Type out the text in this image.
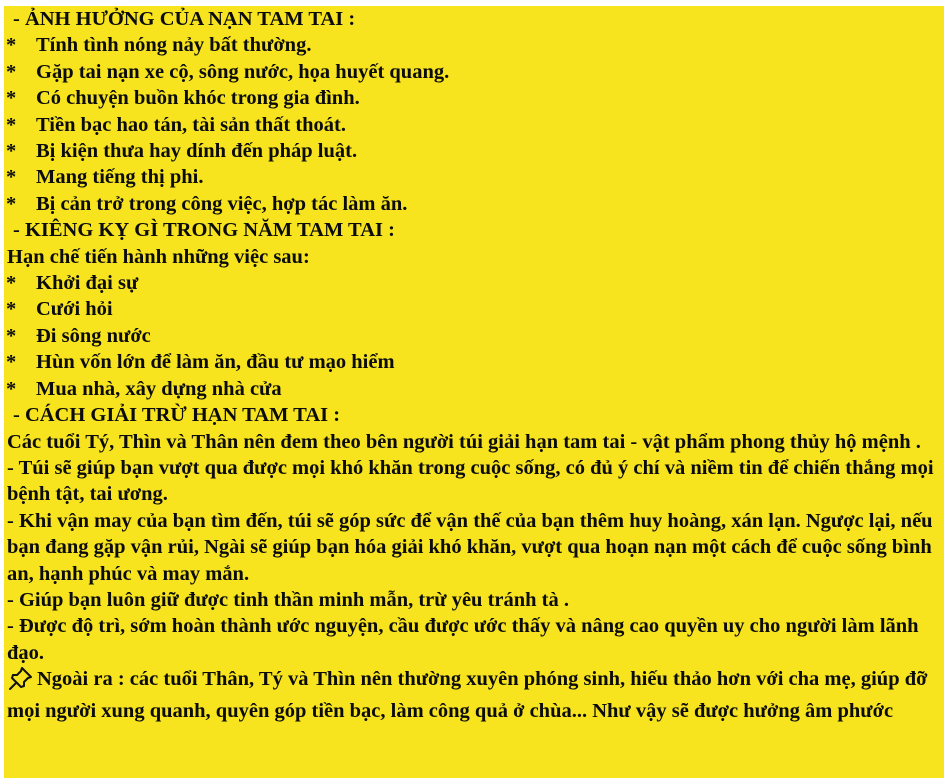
- ẢNH HƯỞNG CỦA NẠN TAM TAI :
* Tính tình nóng nảy bất thường.
* Gặp tai nạn xe cộ, sông nước, họa huyết quang.
* Có chuyện buồn khóc trong gia đình.
* Tiền bạc hao tán, tài sản thất thoát.
* Bị kiện thưa hay dính đến pháp luật.
* Mang tiếng thị phi.
* Bị cản trở trong công việc, hợp tác làm ăn.
- KIÊNG KỴ GÌ TRONG NĂM TAM TAI :
Hạn chế tiến hành những việc sau:
* Khởi đại sự
* Cưới hỏi
* Đi sông nước
* Hùn vốn lớn để làm ăn, đầu tư mạo hiểm
* Mua nhà, xây dựng nhà cửa
- CÁCH GIẢI TRỪ HẠN TAM TAI :
Các tuổi Tý, Thìn và Thân nên đem theo bên người túi giải hạn tam tai - vật phẩm phong thủy hộ mệnh .
- Túi sẽ giúp bạn vượt qua được mọi khó khăn trong cuộc sống, có đủ ý chí và niềm tin để chiến thắng mọi bệnh tật, tai ương.
- Khi vận may của bạn tìm đến, túi sẽ góp sức để vận thế của bạn thêm huy hoàng, xán lạn. Ngược lại, nếu bạn đang gặp vận rủi, Ngài sẽ giúp bạn hóa giải khó khăn, vượt qua hoạn nạn một cách để cuộc sống bình an, hạnh phúc và may mắn.
- Giúp bạn luôn giữ được tinh thần minh mẫn, trừ yêu tránh tà .
- Được độ trì, sớm hoàn thành ước nguyện, cầu được ước thấy và nâng cao quyền uy cho người làm lãnh đạo.
Ngoài ra : các tuổi Thân, Tý và Thìn nên thường xuyên phóng sinh, hiếu thảo hơn với cha mẹ, giúp đỡ mọi người xung quanh, quyên góp tiền bạc, làm công quả ở chùa... Như vậy sẽ được hưởng âm phước
